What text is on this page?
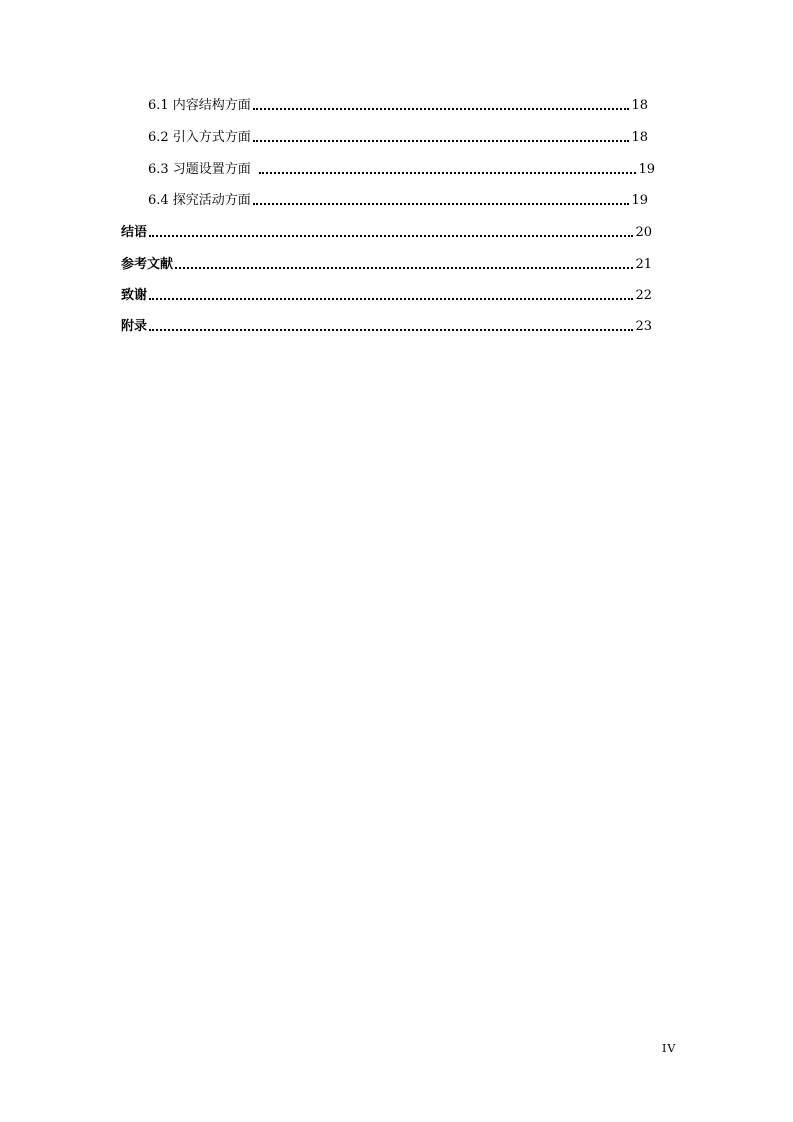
6.1 内容结构方面	18
6.2 引入方式方面	18
6.3 习题设置方面	19
6.4 探究活动方面	19
结语	20
参考文献	21
致谢	22
附录	23
IV
